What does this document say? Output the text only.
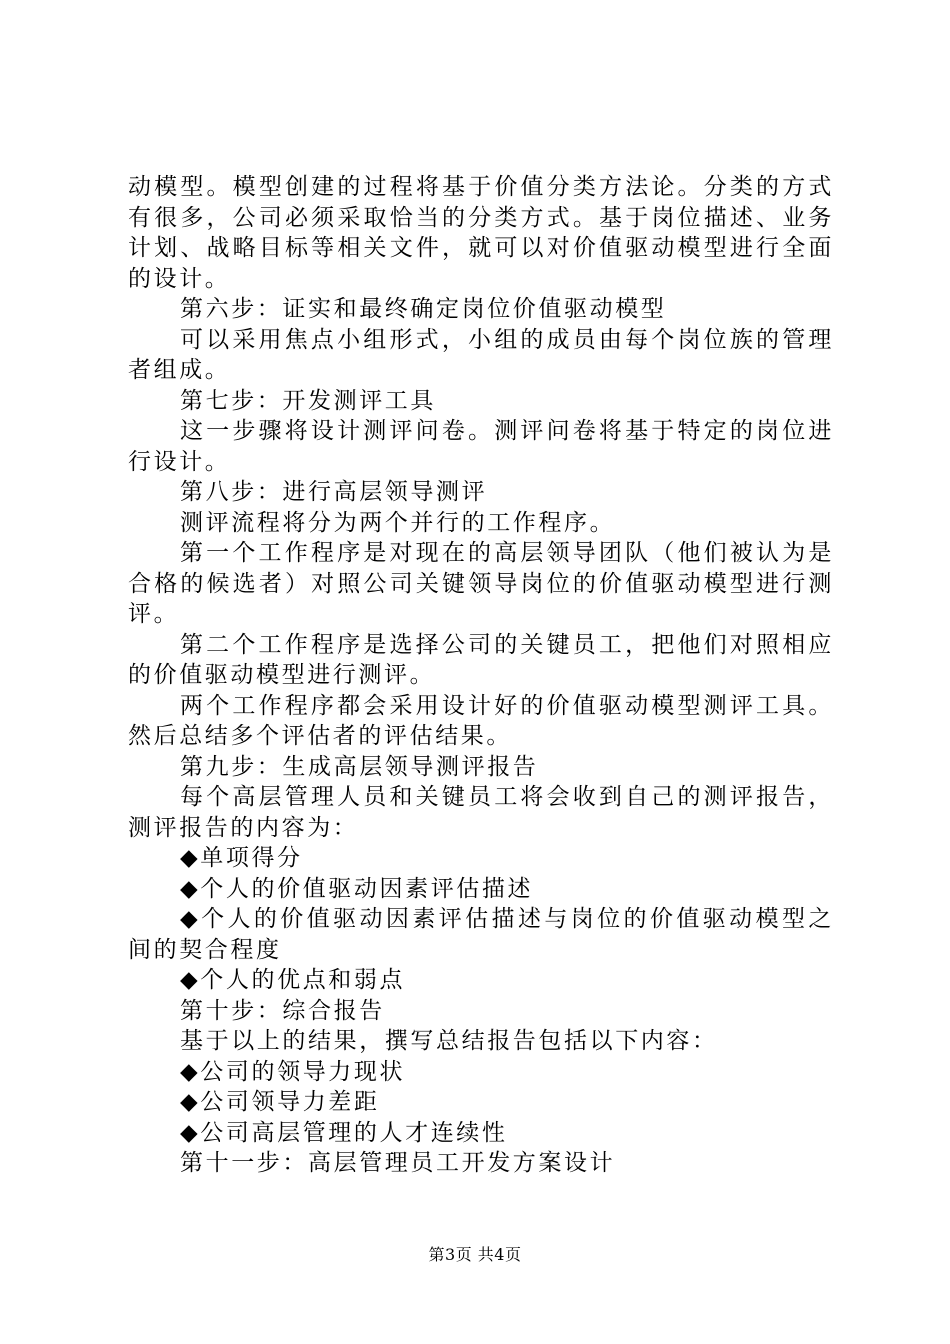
动模型。模型创建的过程将基于价值分类方法论。分类的方式有很多，公司必须采取恰当的分类方式。基于岗位描述、业务计划、战略目标等相关文件，就可以对价值驱动模型进行全面的设计。

第六步：证实和最终确定岗位价值驱动模型

可以采用焦点小组形式，小组的成员由每个岗位族的管理者组成。

第七步：开发测评工具

这一步骤将设计测评问卷。测评问卷将基于特定的岗位进行设计。

第八步：进行高层领导测评

测评流程将分为两个并行的工作程序。

第一个工作程序是对现在的高层领导团队（他们被认为是合格的候选者）对照公司关键领导岗位的价值驱动模型进行测评。

第二个工作程序是选择公司的关键员工，把他们对照相应的价值驱动模型进行测评。

两个工作程序都会采用设计好的价值驱动模型测评工具。然后总结多个评估者的评估结果。

第九步：生成高层领导测评报告

每个高层管理人员和关键员工将会收到自己的测评报告，测评报告的内容为：

◆单项得分

◆个人的价值驱动因素评估描述

◆个人的价值驱动因素评估描述与岗位的价值驱动模型之间的契合程度

◆个人的优点和弱点

第十步：综合报告

基于以上的结果，撰写总结报告包括以下内容：

◆公司的领导力现状

◆公司领导力差距

◆公司高层管理的人才连续性

第十一步：高层管理员工开发方案设计

第3页 共4页
